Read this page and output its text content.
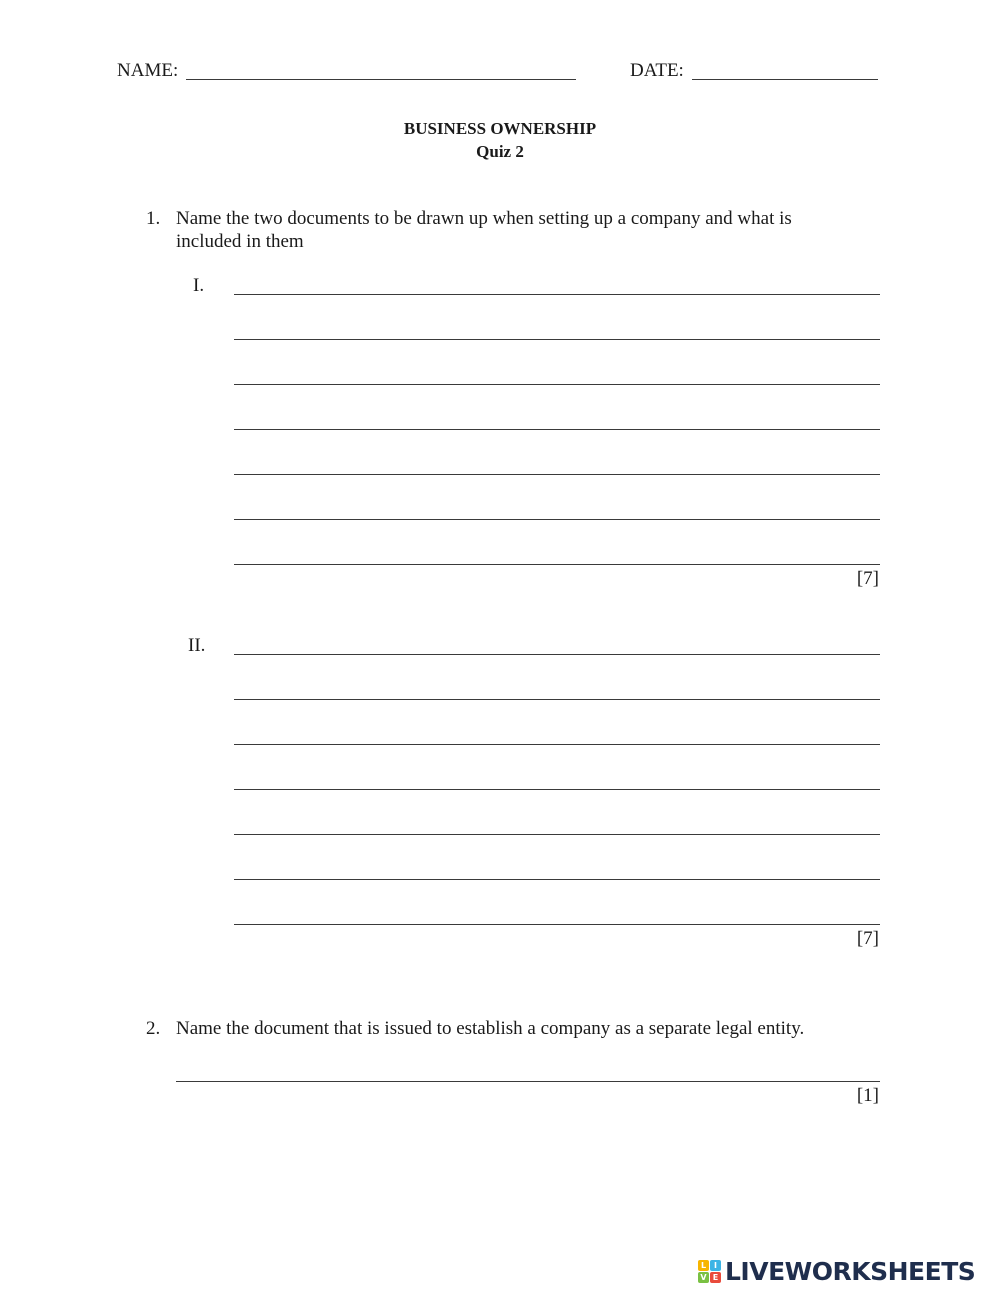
NAME:	DATE:
BUSINESS OWNERSHIP
Quiz 2
1. Name the two documents to be drawn up when setting up a company and what is
included in them
I.
[7]
II.
[7]
2. Name the document that is issued to establish a company as a separate legal entity.
[1]
L I
V E LIVEWORKSHEETS
